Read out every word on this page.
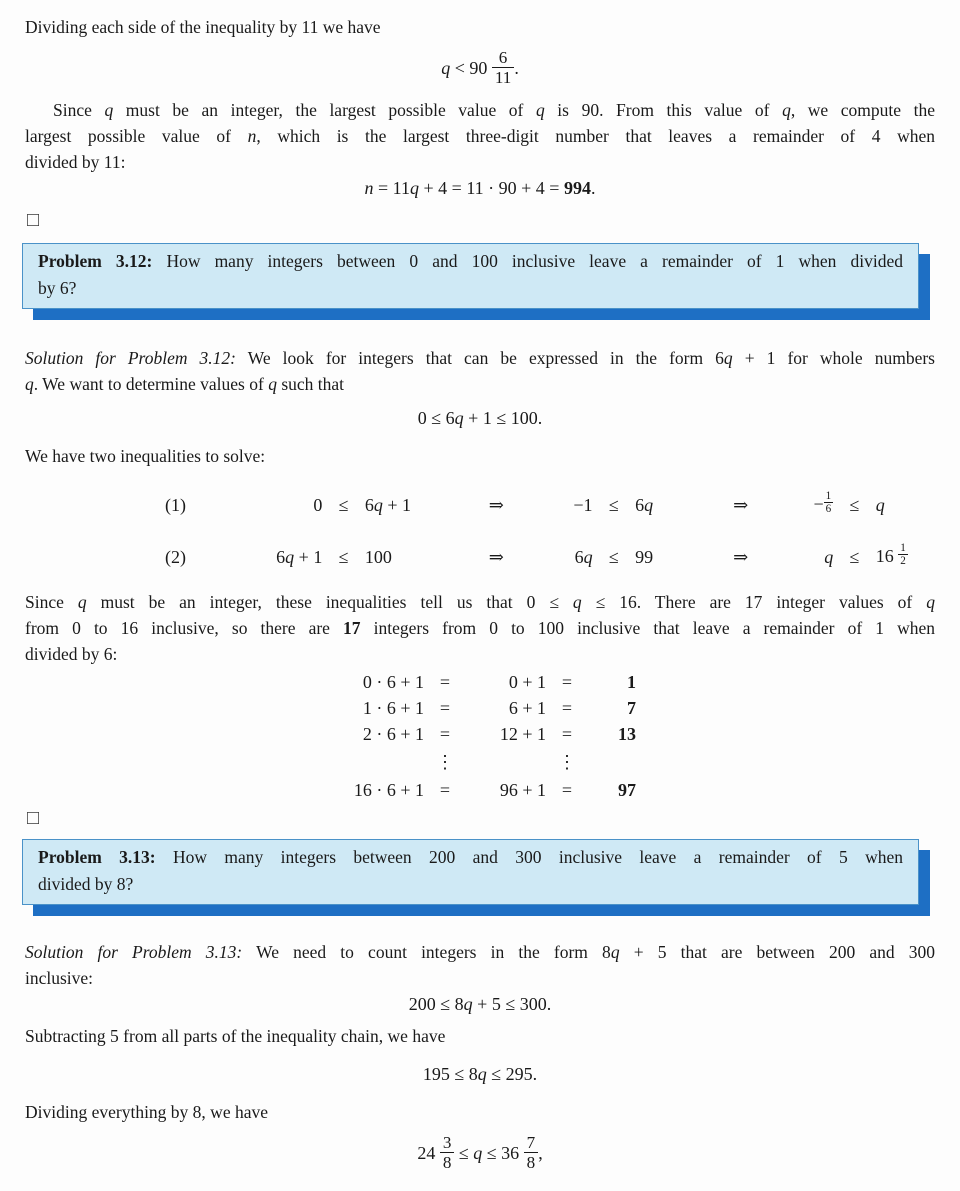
Dividing each side of the inequality by 11 we have
$q < 90 \frac{6}{11}$ .
Since q must be an integer, the largest possible value of q is 90. From this value of q, we compute the
largest possible value of n, which is the largest three-digit number that leaves a remainder of 4 when
divided by 11:
n = 11q + 4 = 11 · 90 + 4 = 994.
□
Problem 3.12: How many integers between 0 and 100 inclusive leave a remainder of 1 when divided
by 6?
Solution for Problem 3.12: We look for integers that can be expressed in the form 6q + 1 for whole numbers
q. We want to determine values of q such that
0 ≤ 6q + 1 ≤ 100.
We have two inequalities to solve:
(1)	0 ≤ 6q + 1	⇒	−1 ≤ 6q	⇒	− $\frac{1}{6} \le q$
(2)	6q + 1 ≤ 100	⇒	6q ≤ 99	⇒	$q \le 16 \frac{1}{2}$
Since q must be an integer, these inequalities tell us that 0 ≤ q ≤ 16. There are 17 integer values of q
from 0 to 16 inclusive, so there are 17 integers from 0 to 100 inclusive that leave a remainder of 1 when
divided by 6:
0 · 6 + 1 =	0 + 1 =	1
1 · 6 + 1 =	6 + 1 =	7
2 · 6 + 1 =	12 + 1 =	13
⋮	⋮
16 · 6 + 1 =	96 + 1 =	97
□
Problem 3.13: How many integers between 200 and 300 inclusive leave a remainder of 5 when
divided by 8?
Solution for Problem 3.13: We need to count integers in the form 8q + 5 that are between 200 and 300
inclusive:
200 ≤ 8q + 5 ≤ 300.
Subtracting 5 from all parts of the inequality chain, we have
195 ≤ 8q ≤ 295.
Dividing everything by 8, we have
$24 \frac{3}{8} \le q \le 36 \frac{7}{8}$ ,
